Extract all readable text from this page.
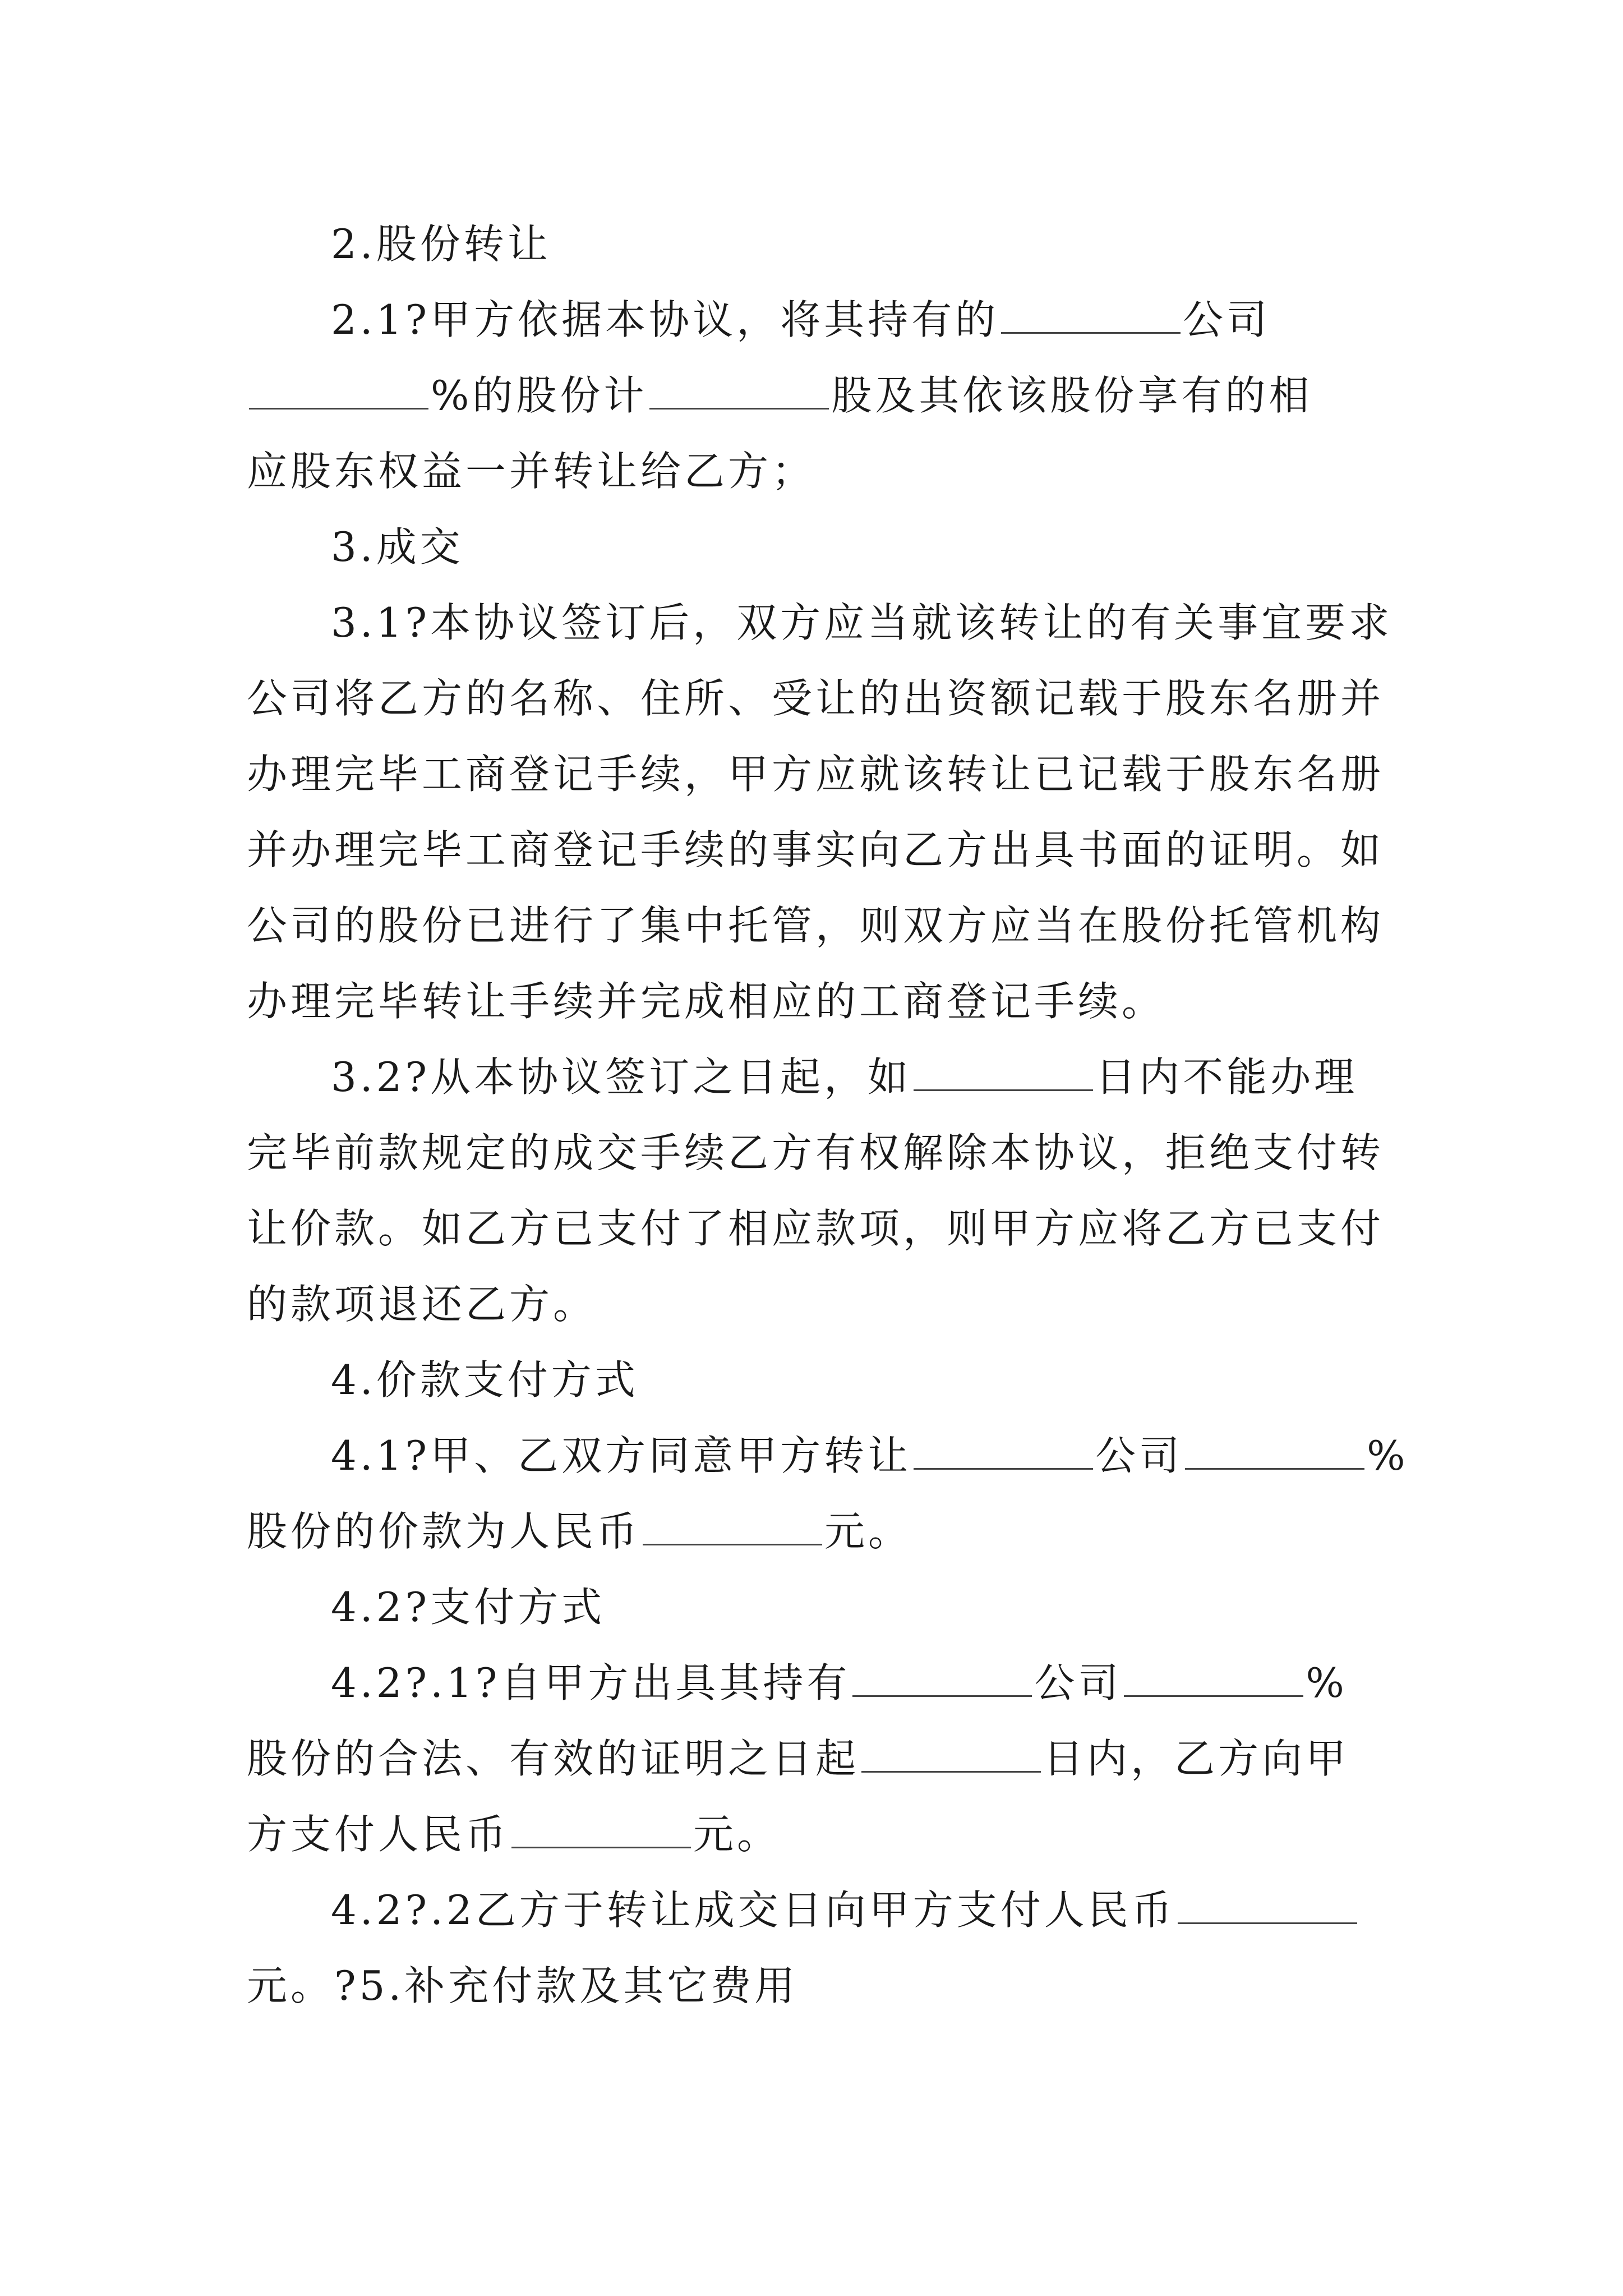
2.股份转让
2.1?甲方依据本协议，将其持有的	公司
%的股份计	股及其依该股份享有的相
应股东权益一并转让给乙方；
3.成交
3.1?本协议签订后，双方应当就该转让的有关事宜要求
公司将乙方的名称、住所、受让的出资额记载于股东名册并
办理完毕工商登记手续，甲方应就该转让已记载于股东名册
并办理完毕工商登记手续的事实向乙方出具书面的证明。如
公司的股份已进行了集中托管，则双方应当在股份托管机构
办理完毕转让手续并完成相应的工商登记手续。
3.2?从本协议签订之日起，如	日内不能办理
完毕前款规定的成交手续乙方有权解除本协议，拒绝支付转
让价款。如乙方已支付了相应款项，则甲方应将乙方已支付
的款项退还乙方。
4.价款支付方式
4.1?甲、乙双方同意甲方转让	公司	%
股份的价款为人民币	元。
4.2?支付方式
4.2?.1?自甲方出具其持有	公司	%
股份的合法、有效的证明之日起	日内，乙方向甲
方支付人民币	元。
4.2?.2乙方于转让成交日向甲方支付人民币
元。?5.补充付款及其它费用
